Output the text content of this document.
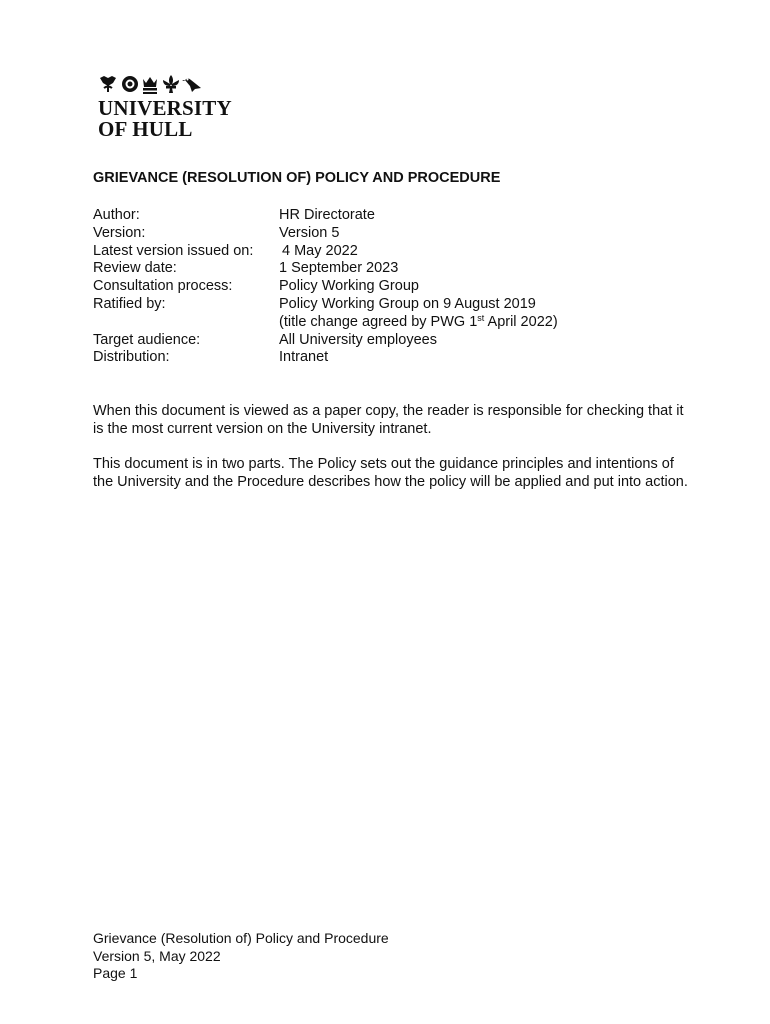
UNIVERSITY
OF HULL
GRIEVANCE (RESOLUTION OF) POLICY AND PROCEDURE
Author:	HR Directorate
Version:	Version 5
Latest version issued on: 4 May 2022
Review date:	1 September 2023
Consultation process:	Policy Working Group
Ratified by:	Policy Working Group on 9 August 2019
(title change agreed by PWG 1st April 2022)
Target audience:	All University employees
Distribution:	Intranet

When this document is viewed as a paper copy, the reader is responsible for checking that it is the most current version on the University intranet.

This document is in two parts. The Policy sets out the guidance principles and intentions of the University and the Procedure describes how the policy will be applied and put into action.

Grievance (Resolution of) Policy and Procedure
Version 5, May 2022
Page 1
